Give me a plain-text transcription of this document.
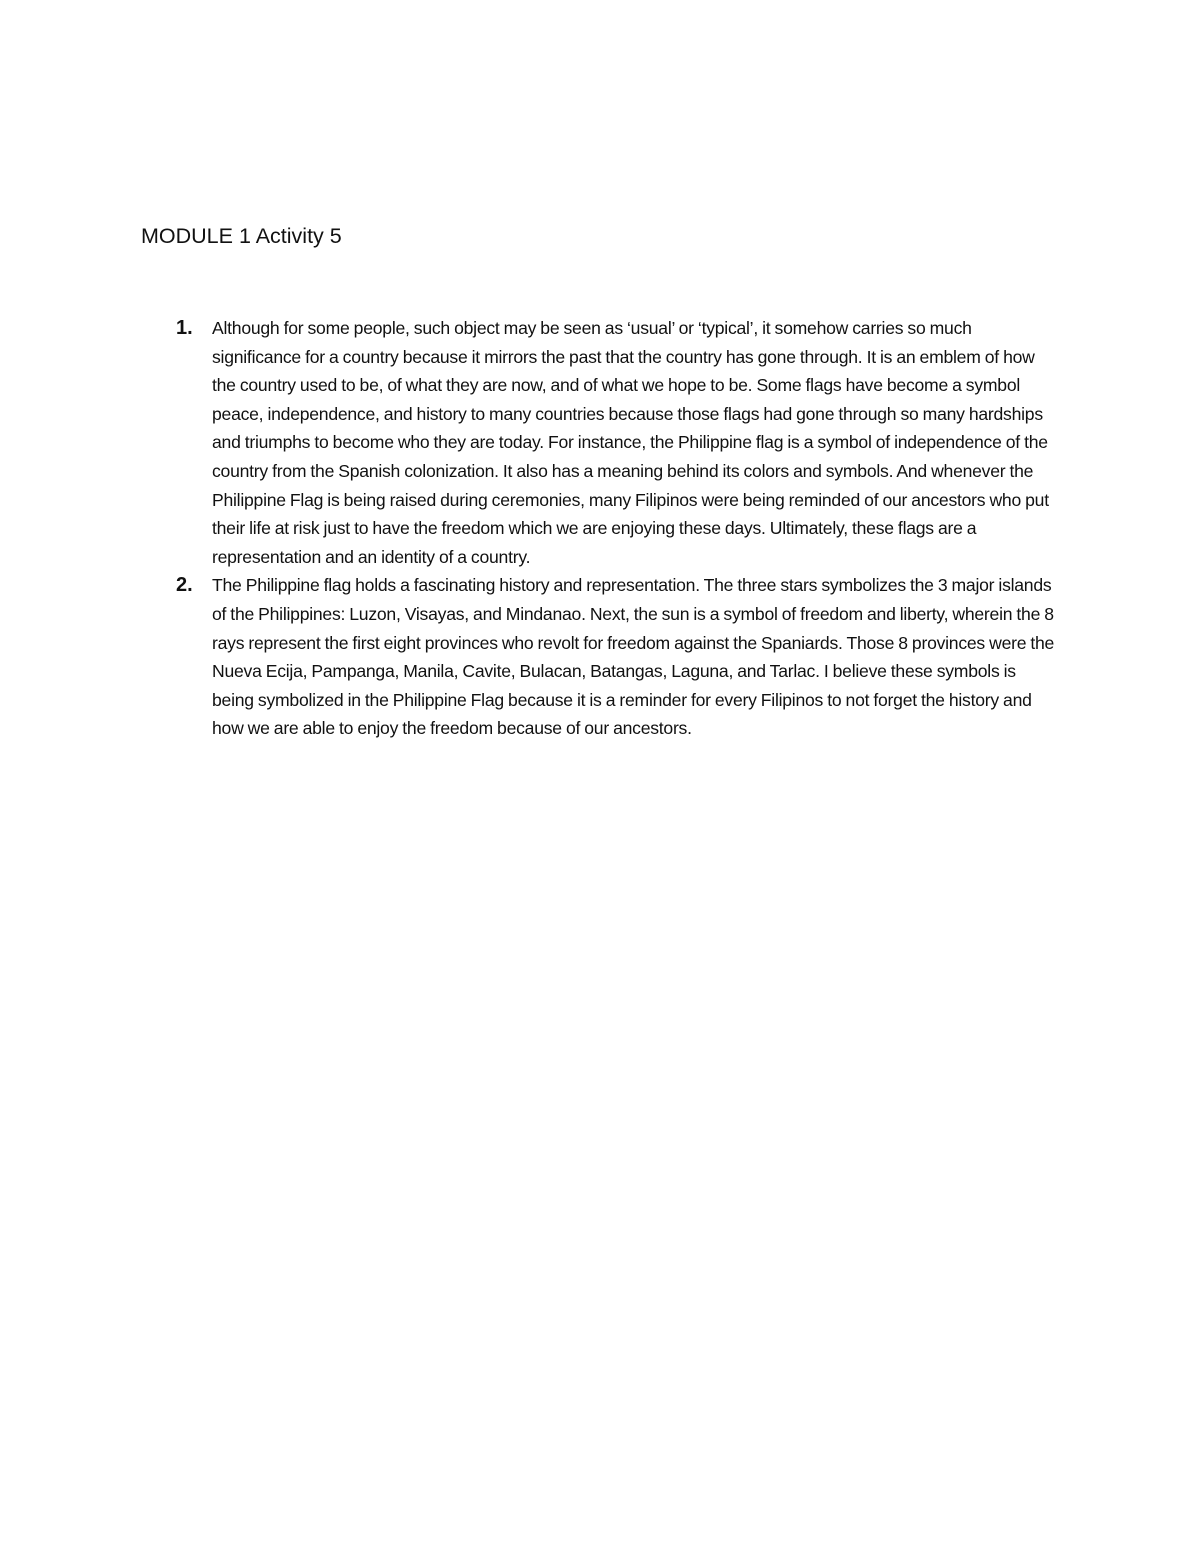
MODULE 1 Activity 5
1. Although for some people, such object may be seen as ‘usual’ or ‘typical’, it somehow carries so much significance for a country because it mirrors the past that the country has gone through. It is an emblem of how the country used to be, of what they are now, and of what we hope to be. Some flags have become a symbol peace, independence, and history to many countries because those flags had gone through so many hardships and triumphs to become who they are today. For instance, the Philippine flag is a symbol of independence of the country from the Spanish colonization. It also has a meaning behind its colors and symbols. And whenever the Philippine Flag is being raised during ceremonies, many Filipinos were being reminded of our ancestors who put their life at risk just to have the freedom which we are enjoying these days. Ultimately, these flags are a representation and an identity of a country.
2. The Philippine flag holds a fascinating history and representation. The three stars symbolizes the 3 major islands of the Philippines: Luzon, Visayas, and Mindanao. Next, the sun is a symbol of freedom and liberty, wherein the 8 rays represent the first eight provinces who revolt for freedom against the Spaniards. Those 8 provinces were the Nueva Ecija, Pampanga, Manila, Cavite, Bulacan, Batangas, Laguna, and Tarlac. I believe these symbols is being symbolized in the Philippine Flag because it is a reminder for every Filipinos to not forget the history and how we are able to enjoy the freedom because of our ancestors.
